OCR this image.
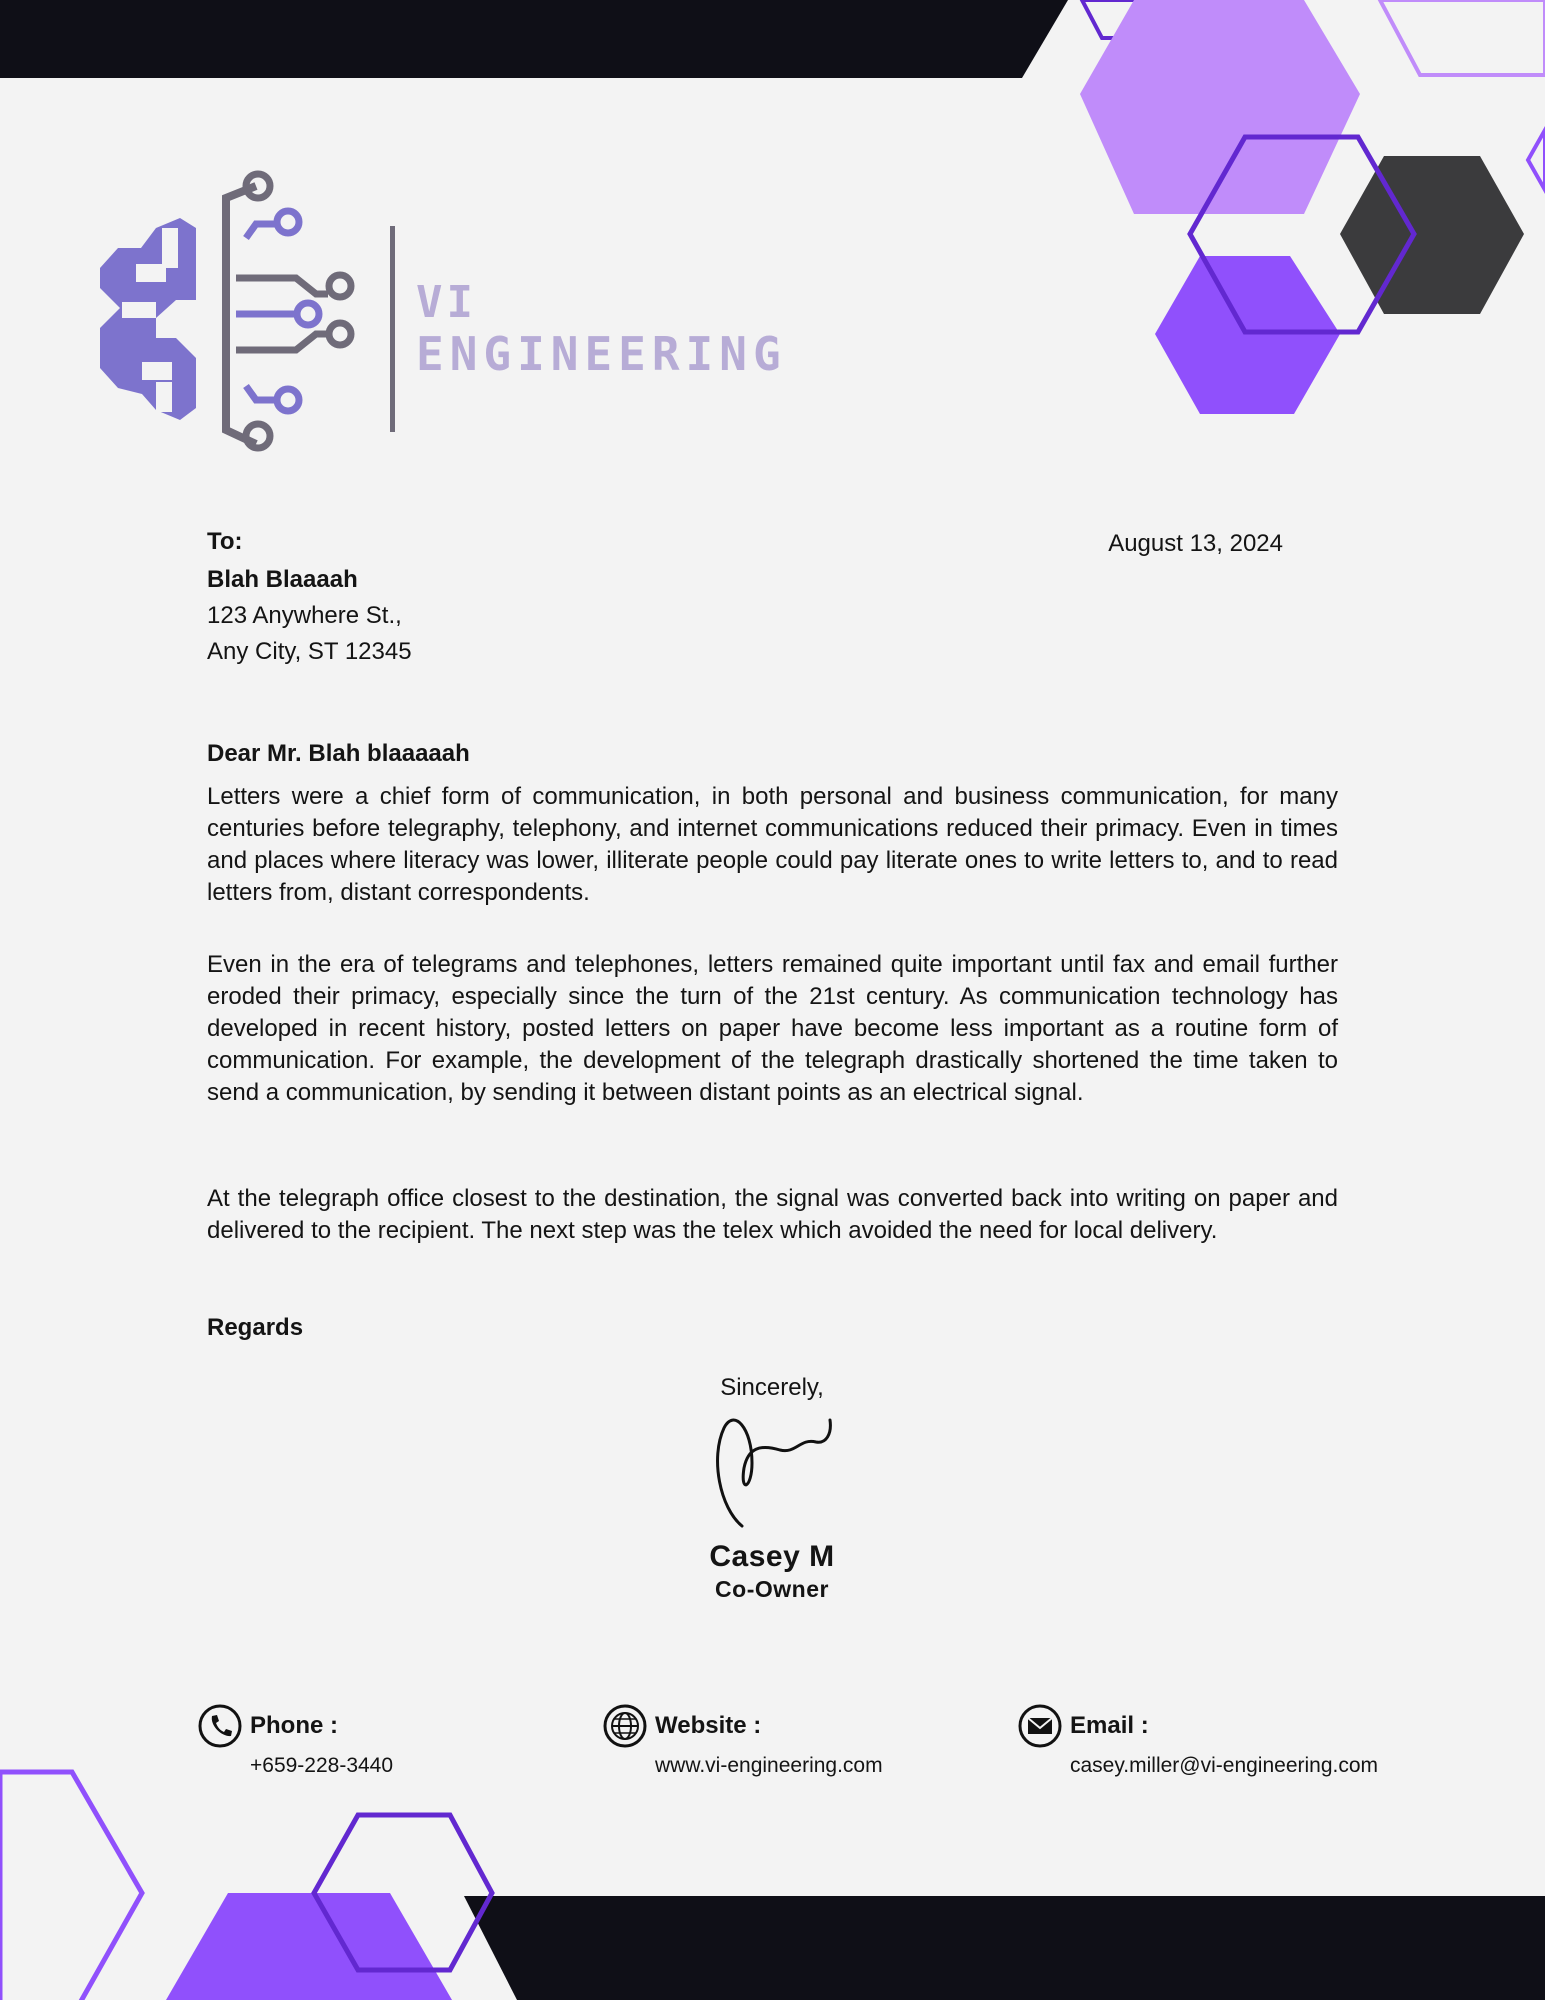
VI
ENGINEERING
To:
Blah Blaaaah
123 Anywhere St.,
Any City, ST 12345
August 13, 2024
Dear Mr. Blah blaaaaah
Letters were a chief form of communication, in both personal and business communication, for many centuries before telegraphy, telephony, and internet communications reduced their primacy. Even in times and places where literacy was lower, illiterate people could pay literate ones to write letters to, and to read letters from, distant correspondents.
Even in the era of telegrams and telephones, letters remained quite important until fax and email further eroded their primacy, especially since the turn of the 21st century. As communication technology has developed in recent history, posted letters on paper have become less important as a routine form of communication. For example, the development of the telegraph drastically shortened the time taken to send a communication, by sending it between distant points as an electrical signal.
At the telegraph office closest to the destination, the signal was converted back into writing on paper and delivered to the recipient. The next step was the telex which avoided the need for local delivery.
Regards
Sincerely,
Casey M
Co-Owner
Phone :
+659-228-3440
Website :
www.vi-engineering.com
Email :
casey.miller@vi-engineering.com
